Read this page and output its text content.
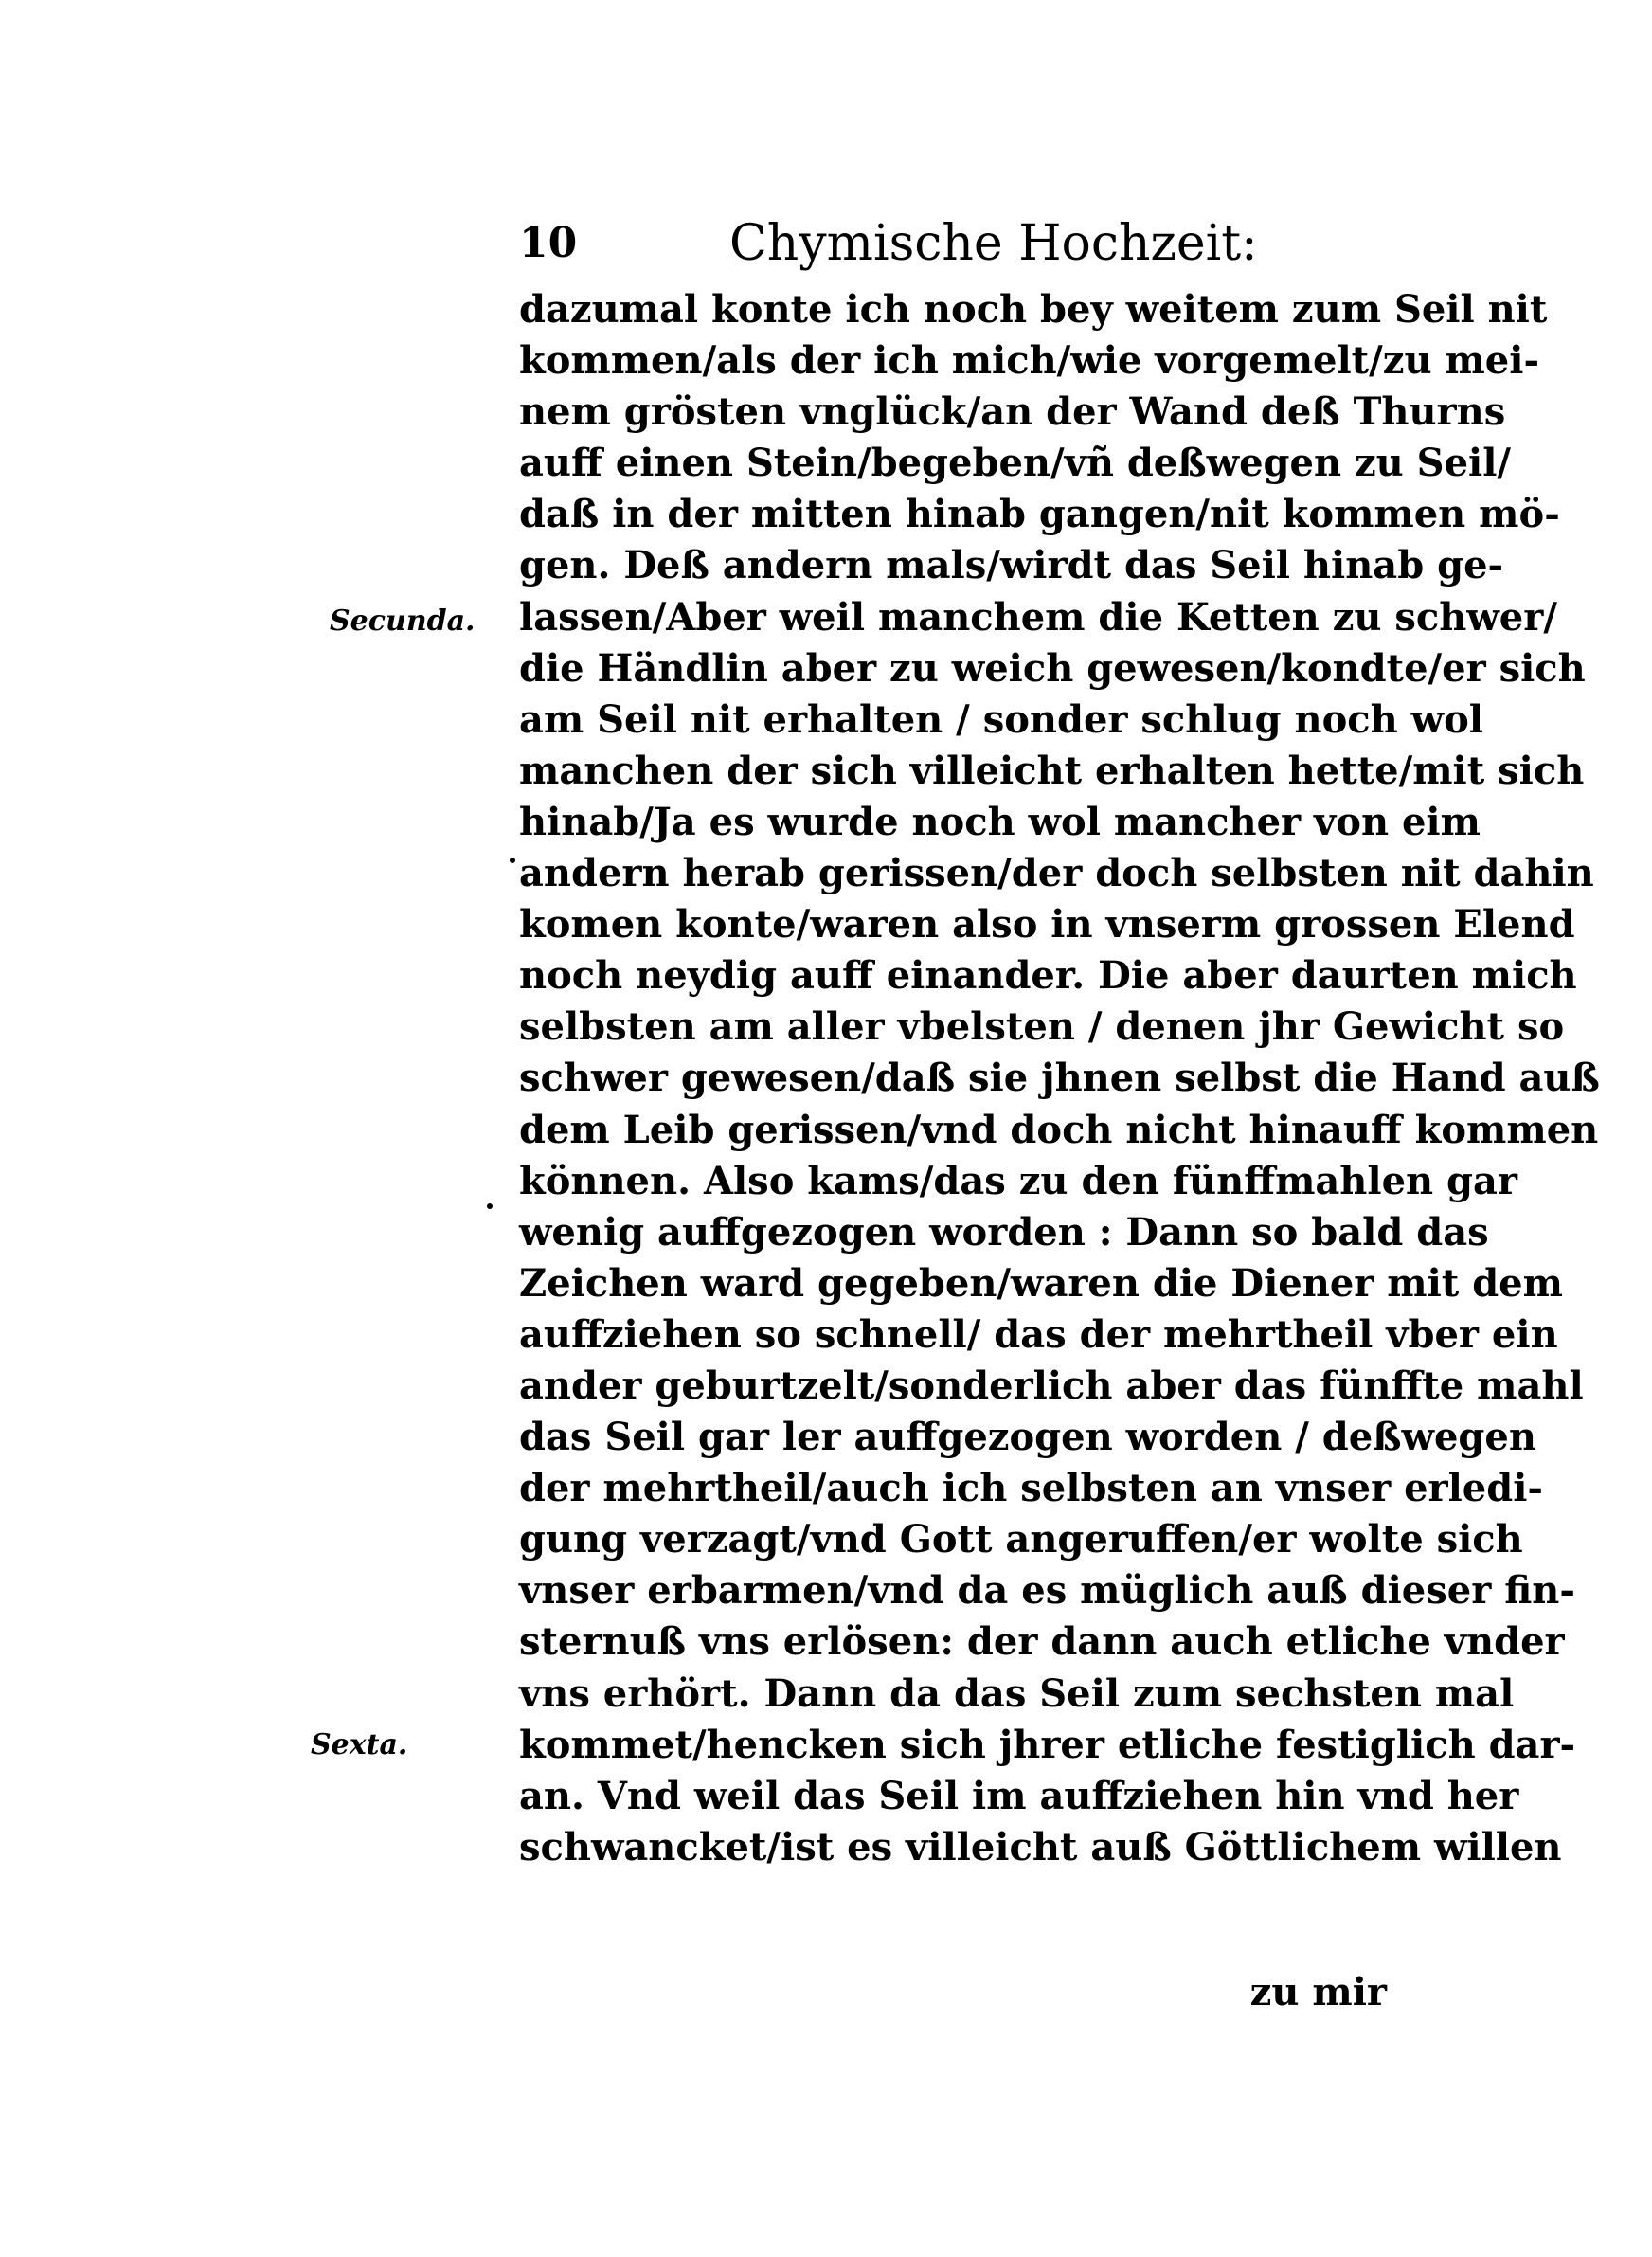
10	Chymische Hochzeit:
Secunda.
Sexta.
dazumal konte ich noch bey weitem zum Seil nit
kommen/als der ich mich/wie vorgemelt/zu mei-
nem grösten vnglück/an der Wand deß Thurns
auff einen Stein/begeben/vñ deßwegen zu Seil/
daß in der mitten hinab gangen/nit kommen mö-
gen. Deß andern mals/wirdt das Seil hinab ge-
lassen/Aber weil manchem die Ketten zu schwer/
die Händlin aber zu weich gewesen/kondte/er sich
am Seil nit erhalten / sonder schlug noch wol
manchen der sich villeicht erhalten hette/mit sich
hinab/Ja es wurde noch wol mancher von eim
andern herab gerissen/der doch selbsten nit dahin
komen konte/waren also in vnserm grossen Elend
noch neydig auff einander. Die aber daurten mich
selbsten am aller vbelsten / denen jhr Gewicht so
schwer gewesen/daß sie jhnen selbst die Hand auß
dem Leib gerissen/vnd doch nicht hinauff kommen
können. Also kams/das zu den fünffmahlen gar
wenig auffgezogen worden : Dann so bald das
Zeichen ward gegeben/waren die Diener mit dem
auffziehen so schnell/ das der mehrtheil vber ein
ander geburtzelt/sonderlich aber das fünffte mahl
das Seil gar ler auffgezogen worden / deßwegen
der mehrtheil/auch ich selbsten an vnser erledi-
gung verzagt/vnd Gott angeruffen/er wolte sich
vnser erbarmen/vnd da es müglich auß dieser fin-
sternuß vns erlösen: der dann auch etliche vnder
vns erhört. Dann da das Seil zum sechsten mal
kommet/hencken sich jhrer etliche festiglich dar-
an. Vnd weil das Seil im auffziehen hin vnd her
schwancket/ist es villeicht auß Göttlichem willen
zu mir
